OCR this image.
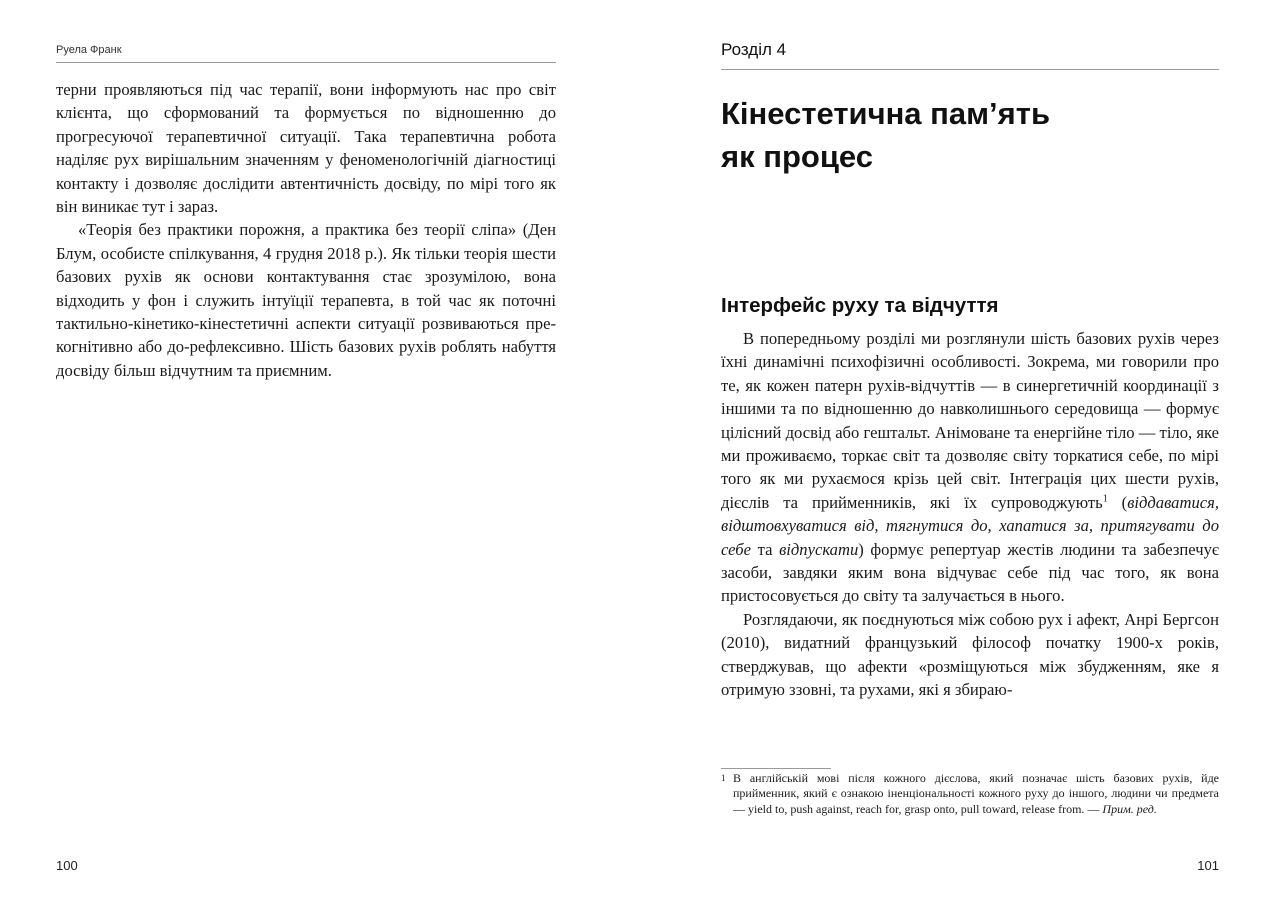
Руела Франк

терни проявляються під час терапії, вони інформують нас про світ клієнта, що сформований та формується по відношенню до прогресуючої терапевтичної ситуації. Така терапевтична робота наділяє рух вирішальним значенням у феноменологічній діагностиці контакту і дозволяє дослідити автентичність досвіду, по мірі того як він виникає тут і зараз.

«Теорія без практики порожня, а практика без теорії сліпа» (Ден Блум, особисте спілкування, 4 грудня 2018 р.). Як тільки теорія шести базових рухів як основи контактування стає зрозумілою, вона відходить у фон і служить інтуїції терапевта, в той час як поточні тактильно-кінетико-кінестетичні аспекти ситуації розвиваються пре-когнітивно або до-рефлексивно. Шість базових рухів роблять набуття досвіду більш відчутним та приємним.

100
Розділ 4
Кінестетична пам’ять
як процес
Інтерфейс руху та відчуття

В попередньому розділі ми розглянули шість базових рухів через їхні динамічні психофізичні особливості. Зокрема, ми говорили про те, як кожен патерн рухів-відчуттів — в синергетичній координації з іншими та по відношенню до навколишнього середовища — формує цілісний досвід або гештальт. Анімоване та енергійне тіло — тіло, яке ми проживаємо, торкає світ та дозволяє світу торкатися себе, по мірі того як ми рухаємося крізь цей світ. Інтеграція цих шести рухів, дієслів та прийменників, які їх супроводжують$^1$ (віддаватися, відштовхуватися від, тягнутися до, хапатися за, притягувати до себе та відпускати) формує репертуар жестів людини та забезпечує засоби, завдяки яким вона відчуває себе під час того, як вона пристосовується до світу та залучається в нього.

Розглядаючи, як поєднуються між собою рух і афект, Анрі Бергсон (2010), видатний французький філософ початку 1900-х років, стверджував, що афекти «розміщуються між збудженням, яке я отримую ззовні, та рухами, які я збираю-

1 В англійській мові після кожного дієслова, який позначає шість базових рухів, йде прийменник, який є ознакою іненціональності кожного руху до іншого, людини чи предмета — yield to, push against, reach for, grasp onto, pull toward, release from. — Прим. ред.
101
